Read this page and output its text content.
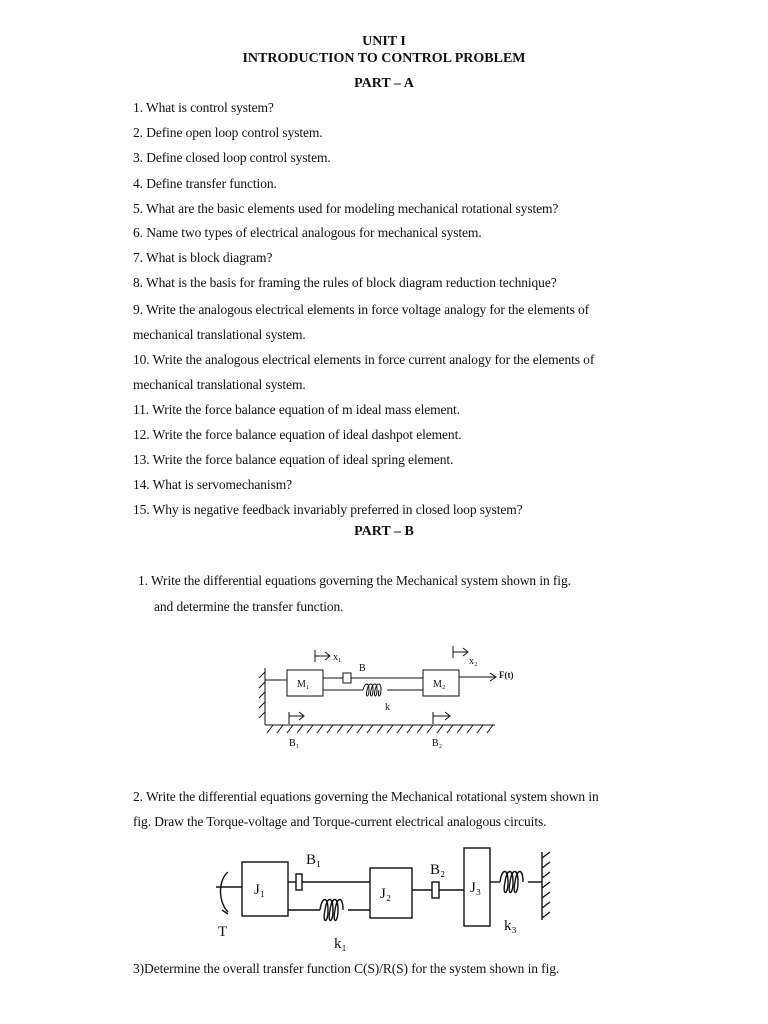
UNIT I
INTRODUCTION TO CONTROL PROBLEM
PART – A
1. What is control system?
2. Define open loop control system.
3. Define closed loop control system.
4. Define transfer function.
5. What are the basic elements used for modeling mechanical rotational system?
6. Name two types of electrical analogous for mechanical system.
7. What is block diagram?
8. What is the basis for framing the rules of block diagram reduction technique?
9. Write the analogous electrical elements in force voltage analogy for the elements of
mechanical translational system.
10. Write the analogous electrical elements in force current analogy for the elements of
mechanical translational system.
11. Write the force balance equation of m ideal mass element.
12. Write the force balance equation of ideal dashpot element.
13. Write the force balance equation of ideal spring element.
14. What is servomechanism?
15. Why is negative feedback invariably preferred in closed loop system?
PART – B
1. Write the differential equations governing the Mechanical system shown in fig.
and determine the transfer function.
x₁	x₂
M₁	M₂
B
k
F(t)
B₁	B₂
2. Write the differential equations governing the Mechanical rotational system shown in
fig. Draw the Torque-voltage and Torque-current electrical analogous circuits.
J₁	J₂	J₃
B₁
B₂
k₁
k₃
T
3)Determine the overall transfer function C(S)/R(S) for the system shown in fig.
